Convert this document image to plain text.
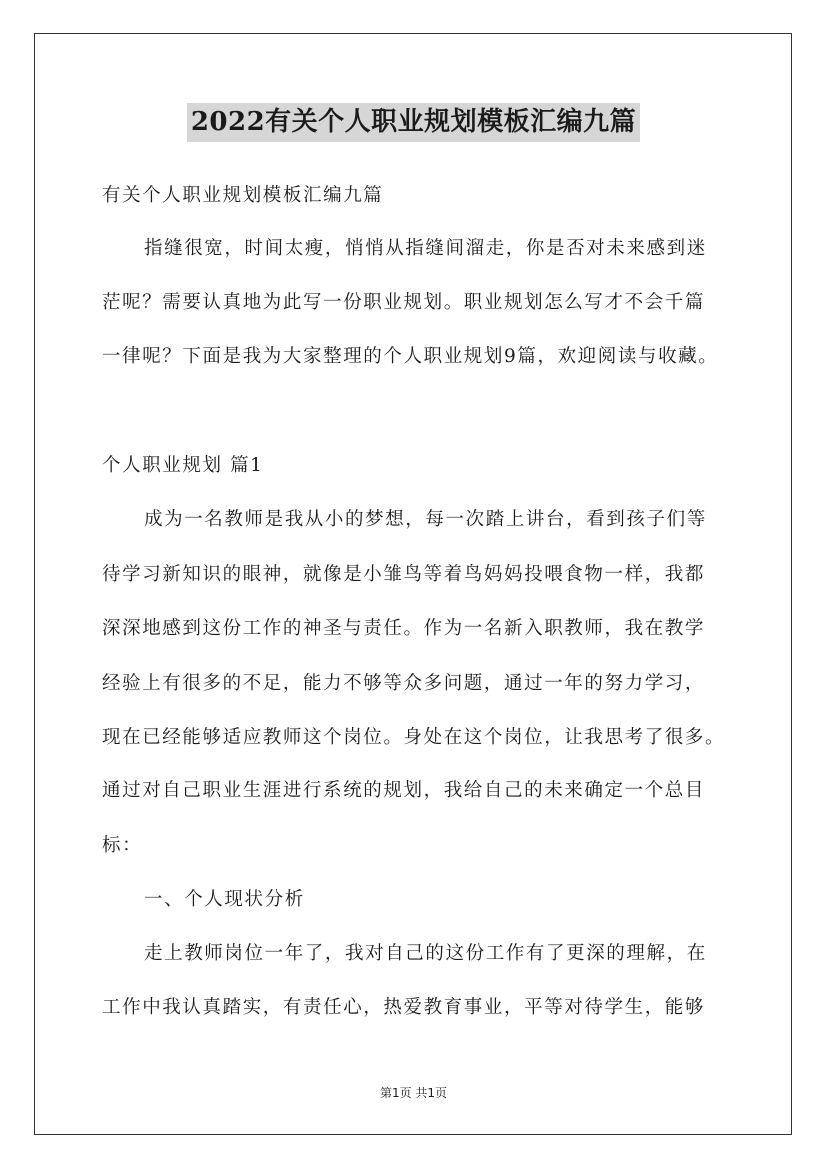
2022有关个人职业规划模板汇编九篇
有关个人职业规划模板汇编九篇
指缝很宽，时间太瘦，悄悄从指缝间溜走，你是否对未来感到迷
茫呢？需要认真地为此写一份职业规划。职业规划怎么写才不会千篇
一律呢？下面是我为大家整理的个人职业规划9篇，欢迎阅读与收藏。
个人职业规划 篇1
成为一名教师是我从小的梦想，每一次踏上讲台，看到孩子们等
待学习新知识的眼神，就像是小雏鸟等着鸟妈妈投喂食物一样，我都
深深地感到这份工作的神圣与责任。作为一名新入职教师，我在教学
经验上有很多的不足，能力不够等众多问题，通过一年的努力学习，
现在已经能够适应教师这个岗位。身处在这个岗位，让我思考了很多。
通过对自己职业生涯进行系统的规划，我给自己的未来确定一个总目
标：
一、个人现状分析
走上教师岗位一年了，我对自己的这份工作有了更深的理解，在
工作中我认真踏实，有责任心，热爱教育事业，平等对待学生，能够
第1页 共1页
